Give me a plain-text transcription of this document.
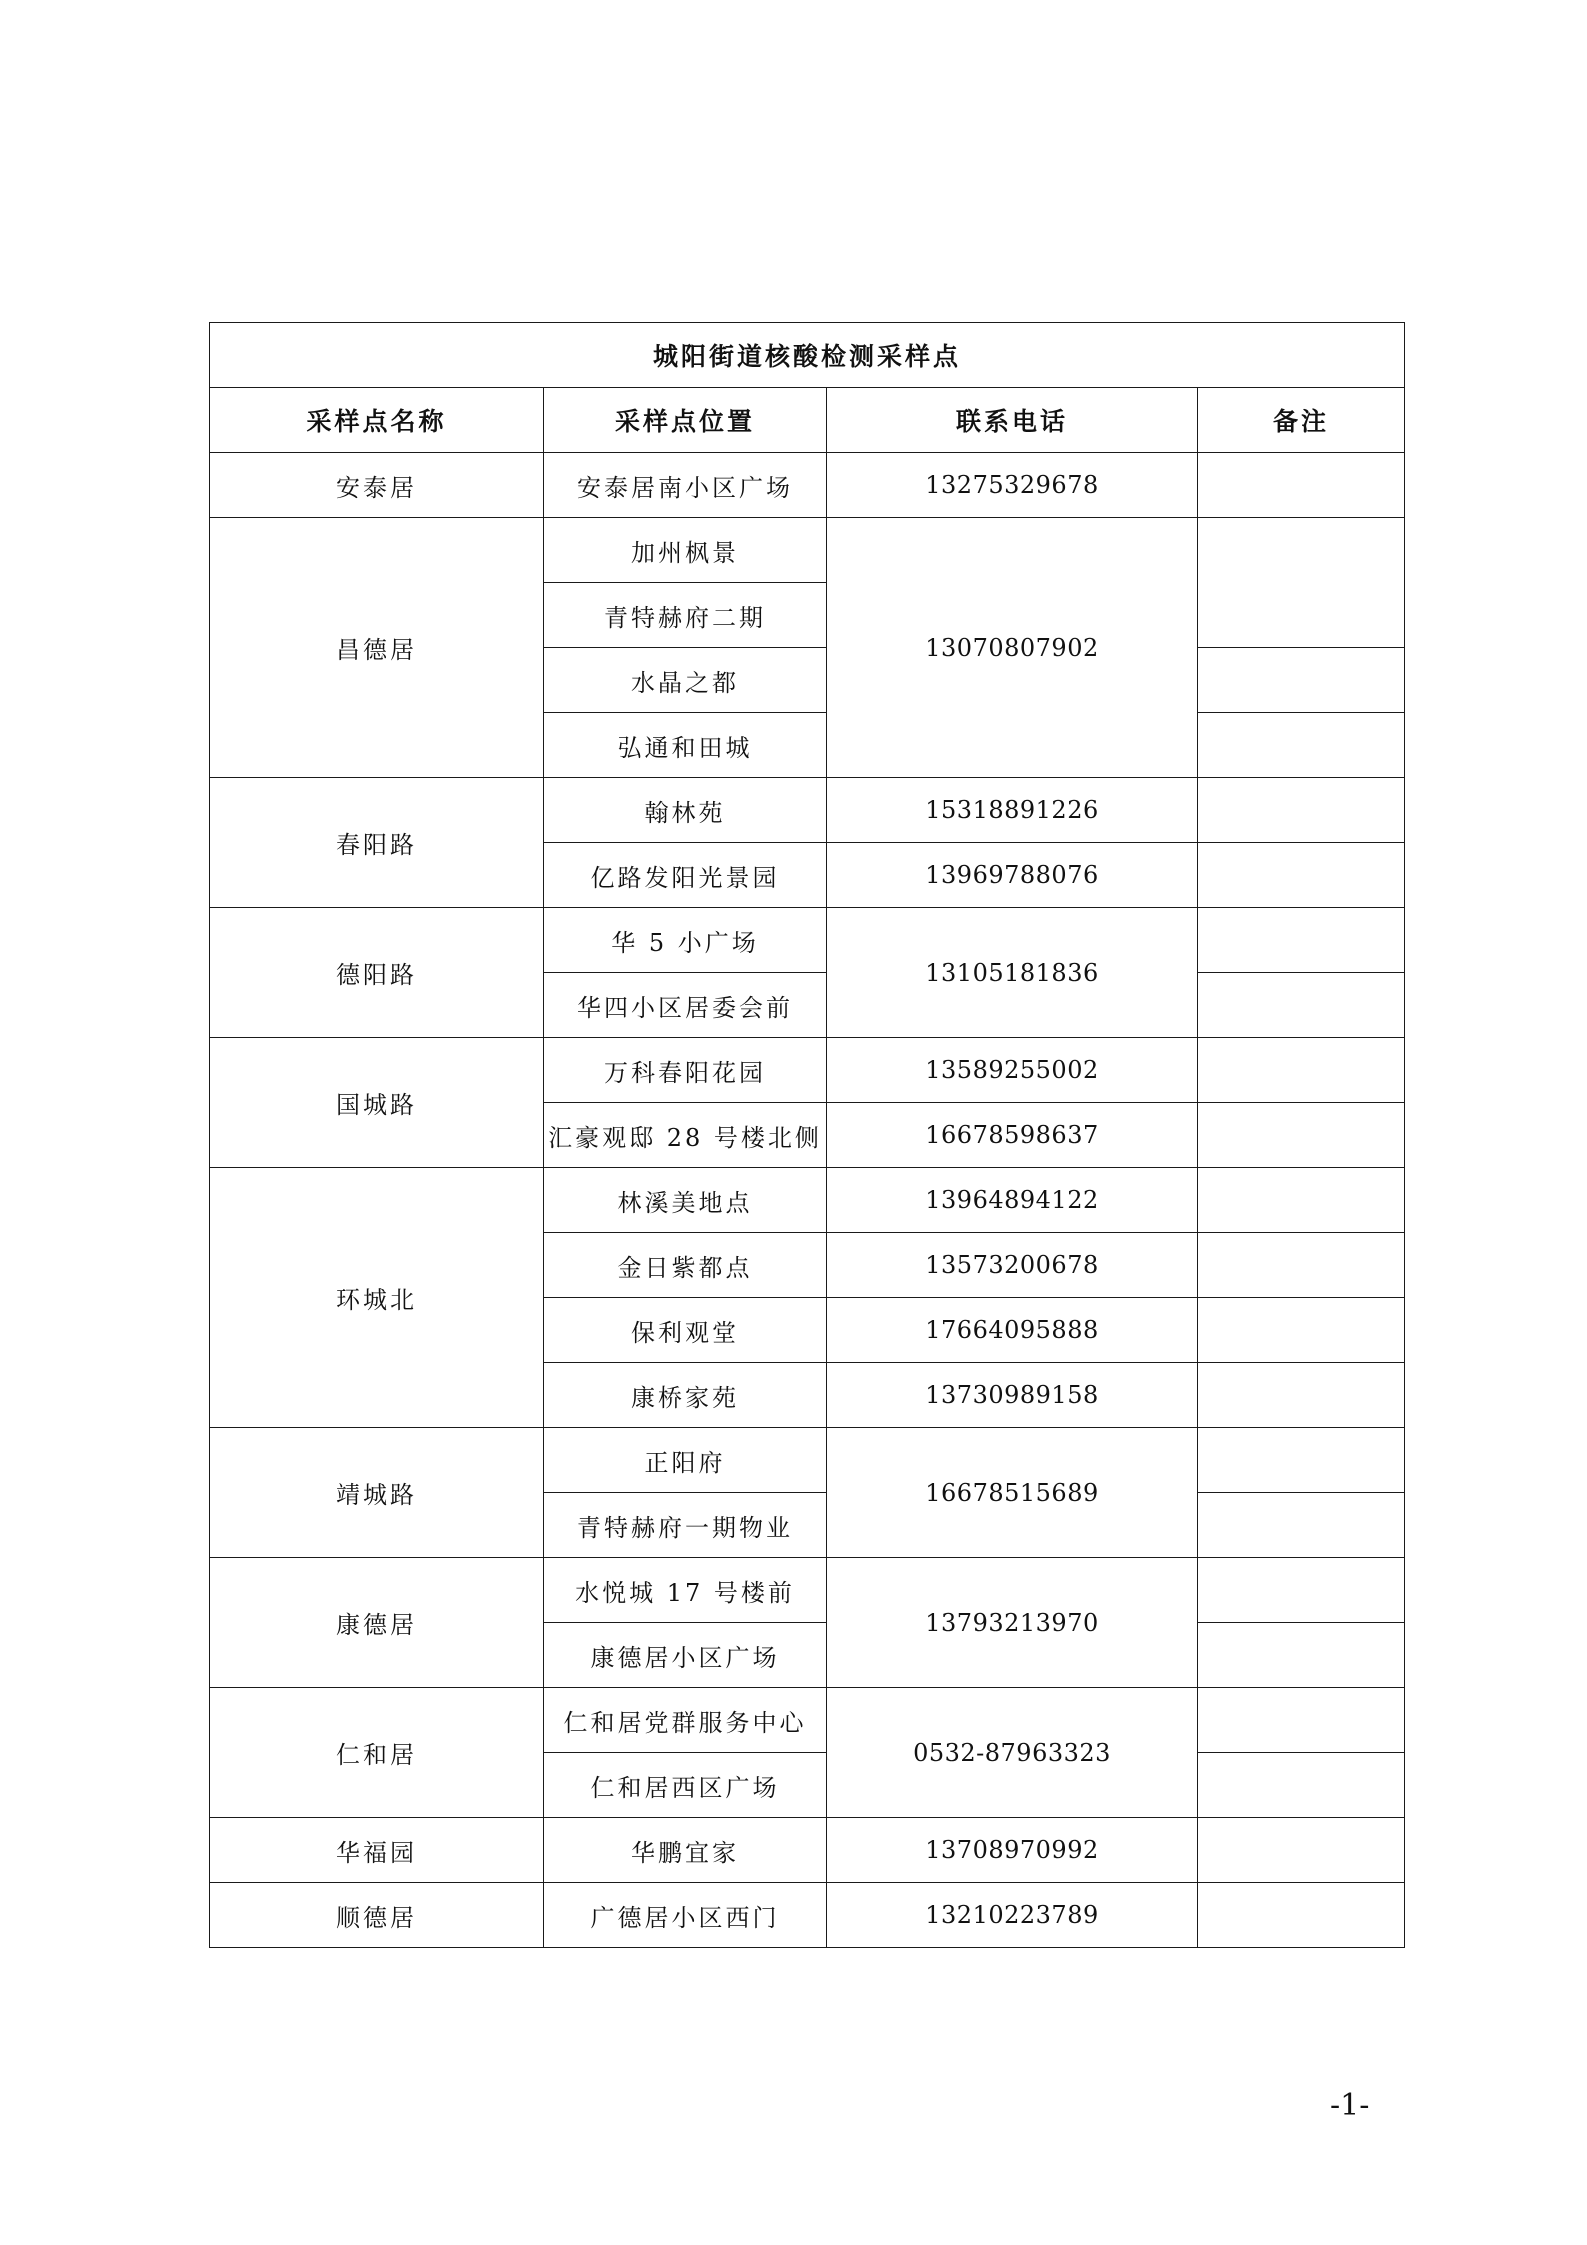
城阳街道核酸检测采样点			
采样点名称	采样点位置	联系电话	备注
安泰居	安泰居南小区广场	13275329678	
昌德居	加州枫景	13070807902	
	青特赫府二期		
	水晶之都		
	弘通和田城		
春阳路	翰林苑	15318891226	
	亿路发阳光景园	13969788076	
德阳路	华 5 小广场	13105181836	
	华四小区居委会前		
国城路	万科春阳花园	13589255002	
	汇豪观邸 28 号楼北侧	16678598637	
环城北	林溪美地点	13964894122	
	金日紫都点	13573200678	
	保利观堂	17664095888	
	康桥家苑	13730989158	
靖城路	正阳府	16678515689	
	青特赫府一期物业		
康德居	水悦城 17 号楼前	13793213970	
	康德居小区广场		
仁和居	仁和居党群服务中心	0532-87963323	
	仁和居西区广场		
华福园	华鹏宜家	13708970992	
顺德居	广德居小区西门	13210223789	
-1-
